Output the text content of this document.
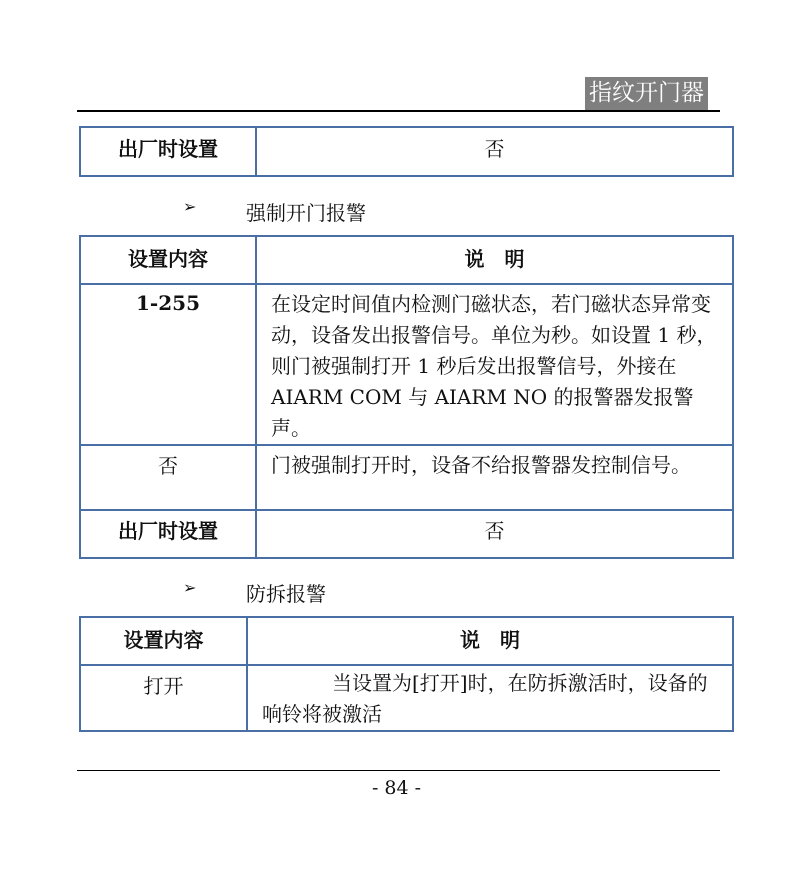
指纹开门器
出厂时设置	否
➢ 强制开门报警
设置内容	说　明
1-255	在设定时间值内检测门磁状态，若门磁状态异常变动，设备发出报警信号。单位为秒。如设置 1 秒，则门被强制打开 1 秒后发出报警信号，外接在 AIARM COM 与 AIARM NO 的报警器发报警声。
否	门被强制打开时，设备不给报警器发控制信号。
出厂时设置	否
➢ 防拆报警
设置内容	说　明
打开	当设置为[打开]时，在防拆激活时，设备的响铃将被激活
- 84 -
